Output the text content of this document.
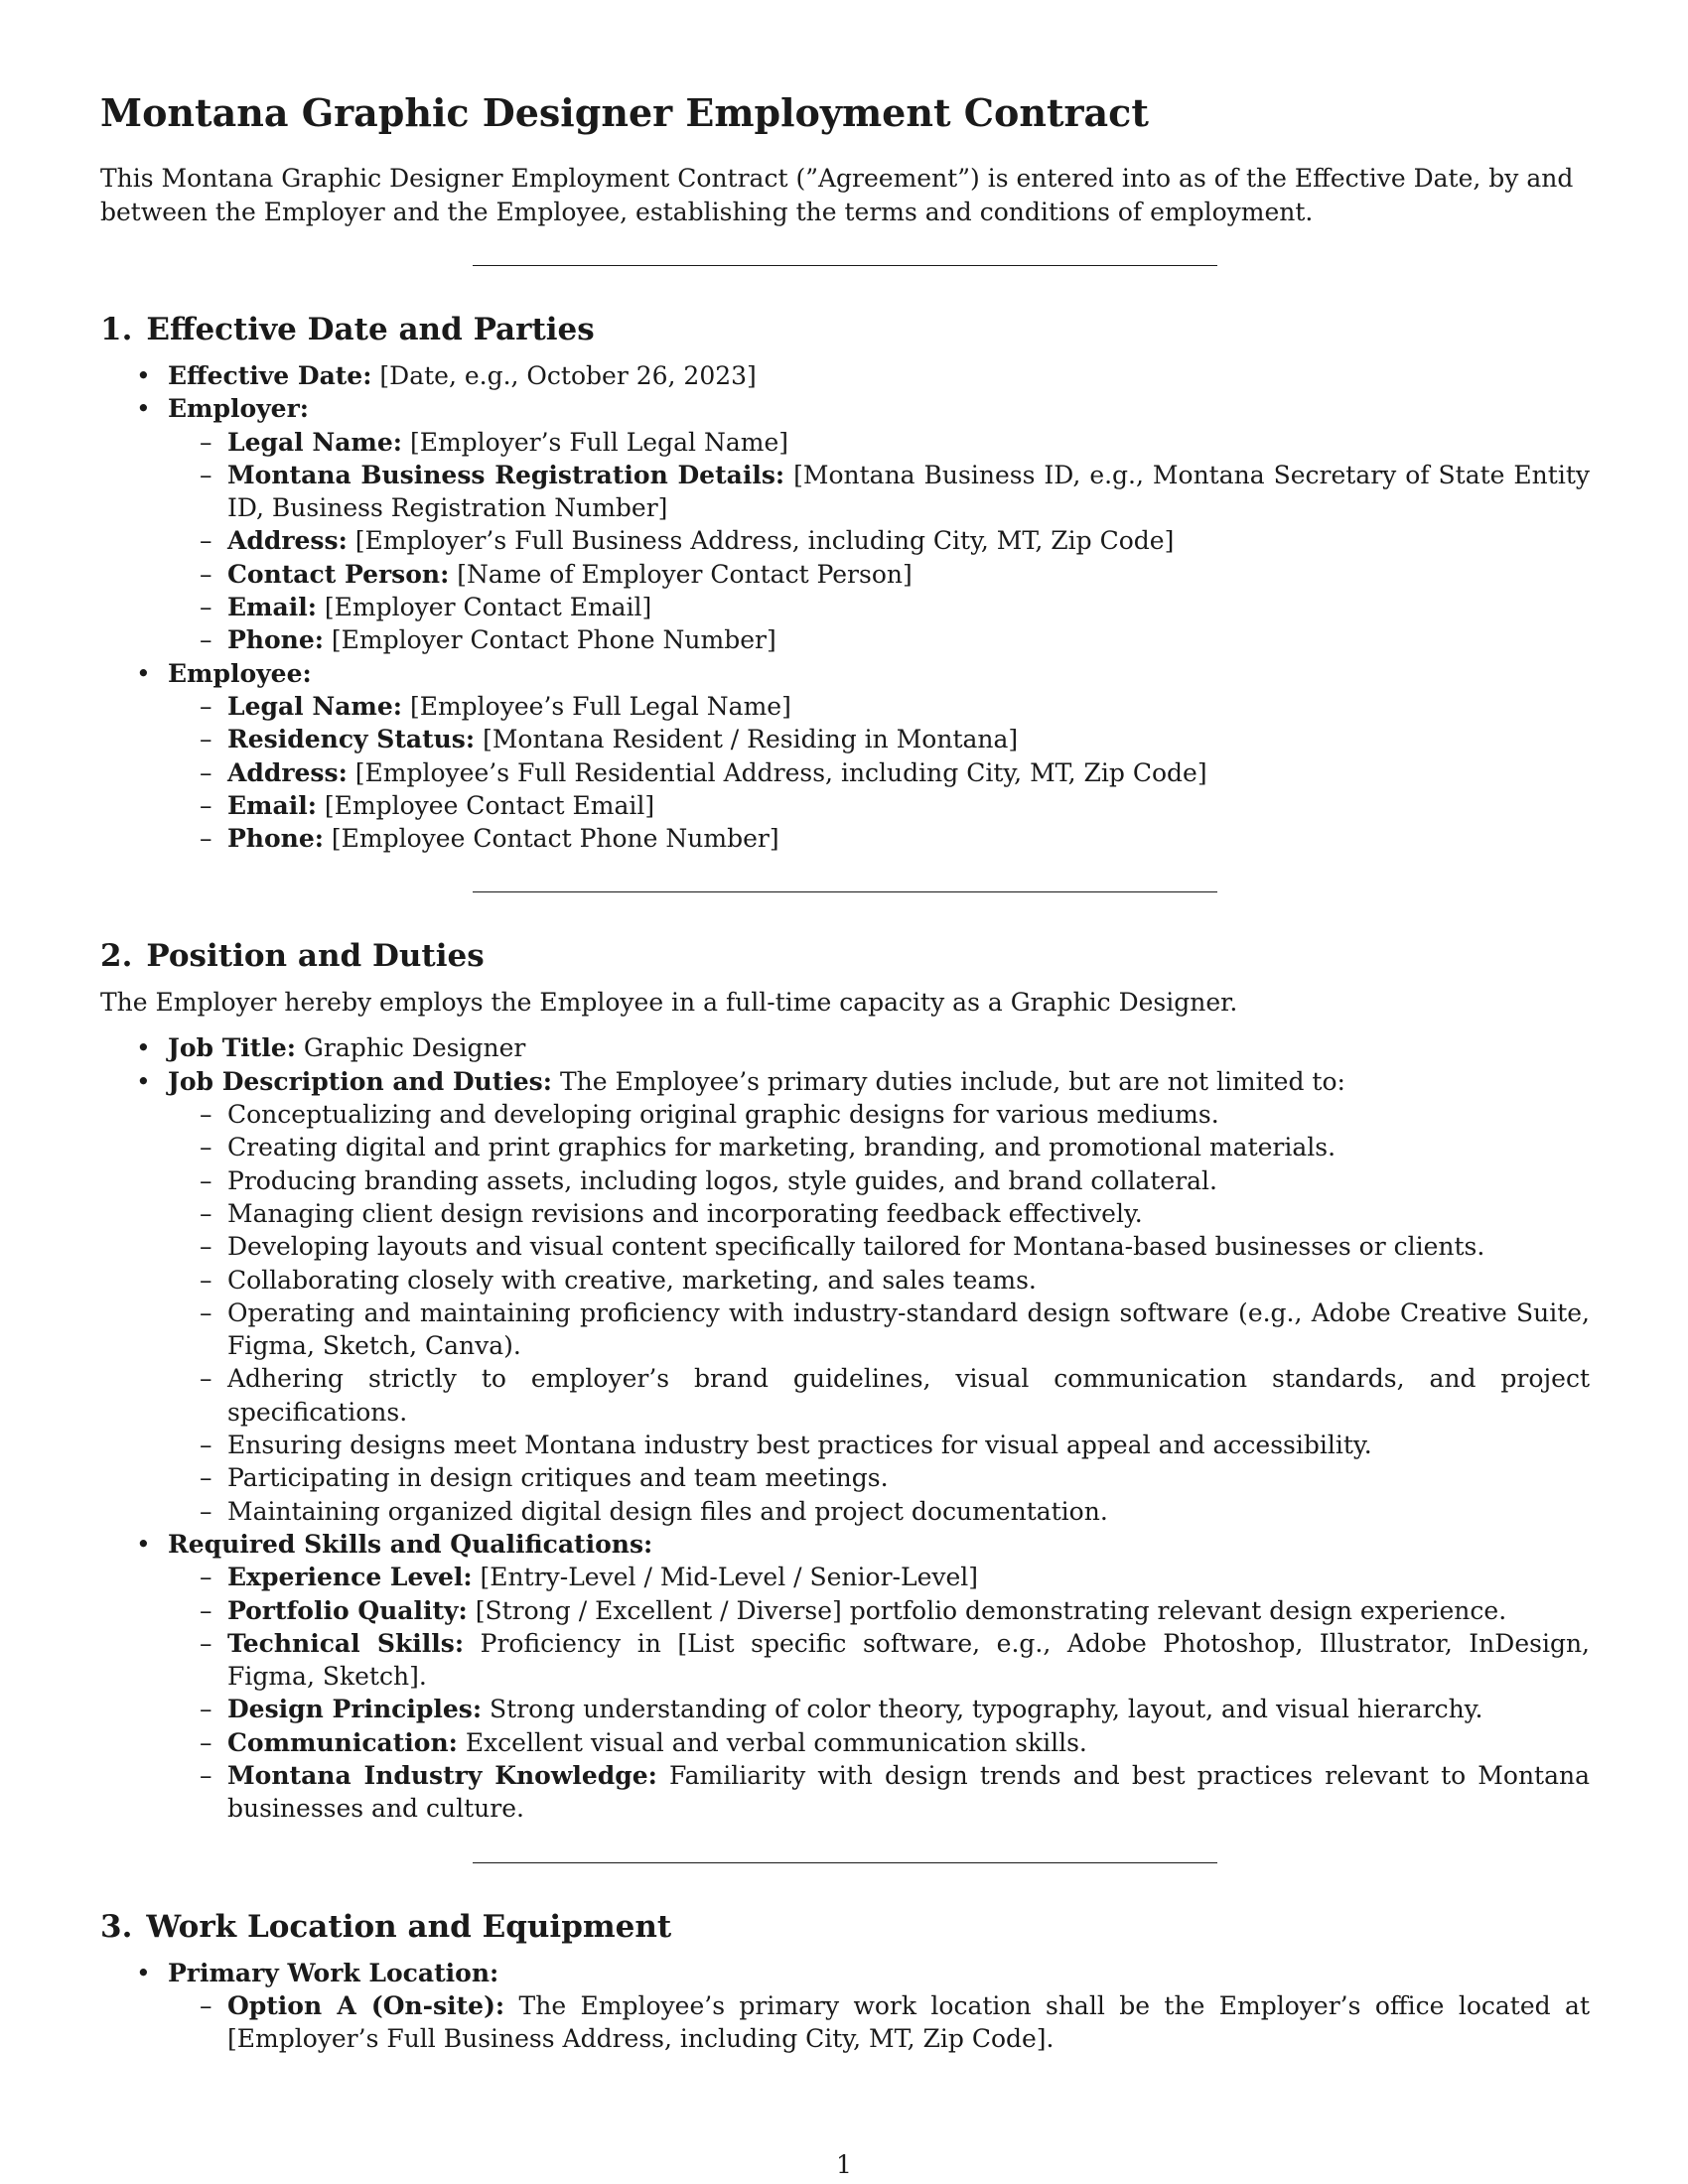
Montana Graphic Designer Employment Contract

This Montana Graphic Designer Employment Contract (”Agreement”) is entered into as of the Effective Date, by and between the Employer and the Employee, establishing the terms and conditions of employment.

1. Effective Date and Parties
• Effective Date: [Date, e.g., October 26, 2023]
• Employer:
– Legal Name: [Employer’s Full Legal Name]
– Montana Business Registration Details: [Montana Business ID, e.g., Montana Secretary of State Entity ID, Business Registration Number]
– Address: [Employer’s Full Business Address, including City, MT, Zip Code]
– Contact Person: [Name of Employer Contact Person]
– Email: [Employer Contact Email]
– Phone: [Employer Contact Phone Number]
• Employee:
– Legal Name: [Employee’s Full Legal Name]
– Residency Status: [Montana Resident / Residing in Montana]
– Address: [Employee’s Full Residential Address, including City, MT, Zip Code]
– Email: [Employee Contact Email]
– Phone: [Employee Contact Phone Number]
2. Position and Duties

The Employer hereby employs the Employee in a full-time capacity as a Graphic Designer.

• Job Title: Graphic Designer
• Job Description and Duties: The Employee’s primary duties include, but are not limited to:
– Conceptualizing and developing original graphic designs for various mediums.
– Creating digital and print graphics for marketing, branding, and promotional materials.
– Producing branding assets, including logos, style guides, and brand collateral.
– Managing client design revisions and incorporating feedback effectively.
– Developing layouts and visual content specifically tailored for Montana-based businesses or clients.
– Collaborating closely with creative, marketing, and sales teams.
– Operating and maintaining proficiency with industry-standard design software (e.g., Adobe Creative Suite, Figma, Sketch, Canva).
– Adhering strictly to employer’s brand guidelines, visual communication standards, and project specifications.
– Ensuring designs meet Montana industry best practices for visual appeal and accessibility.
– Participating in design critiques and team meetings.
– Maintaining organized digital design files and project documentation.
• Required Skills and Qualifications:
– Experience Level: [Entry-Level / Mid-Level / Senior-Level]
– Portfolio Quality: [Strong / Excellent / Diverse] portfolio demonstrating relevant design experience.
– Technical Skills: Proficiency in [List specific software, e.g., Adobe Photoshop, Illustrator, InDesign, Figma, Sketch].
– Design Principles: Strong understanding of color theory, typography, layout, and visual hierarchy.
– Communication: Excellent visual and verbal communication skills.
– Montana Industry Knowledge: Familiarity with design trends and best practices relevant to Montana businesses and culture.
3. Work Location and Equipment
• Primary Work Location:
– Option A (On-site): The Employee’s primary work location shall be the Employer’s office located at [Employer’s Full Business Address, including City, MT, Zip Code].
1
